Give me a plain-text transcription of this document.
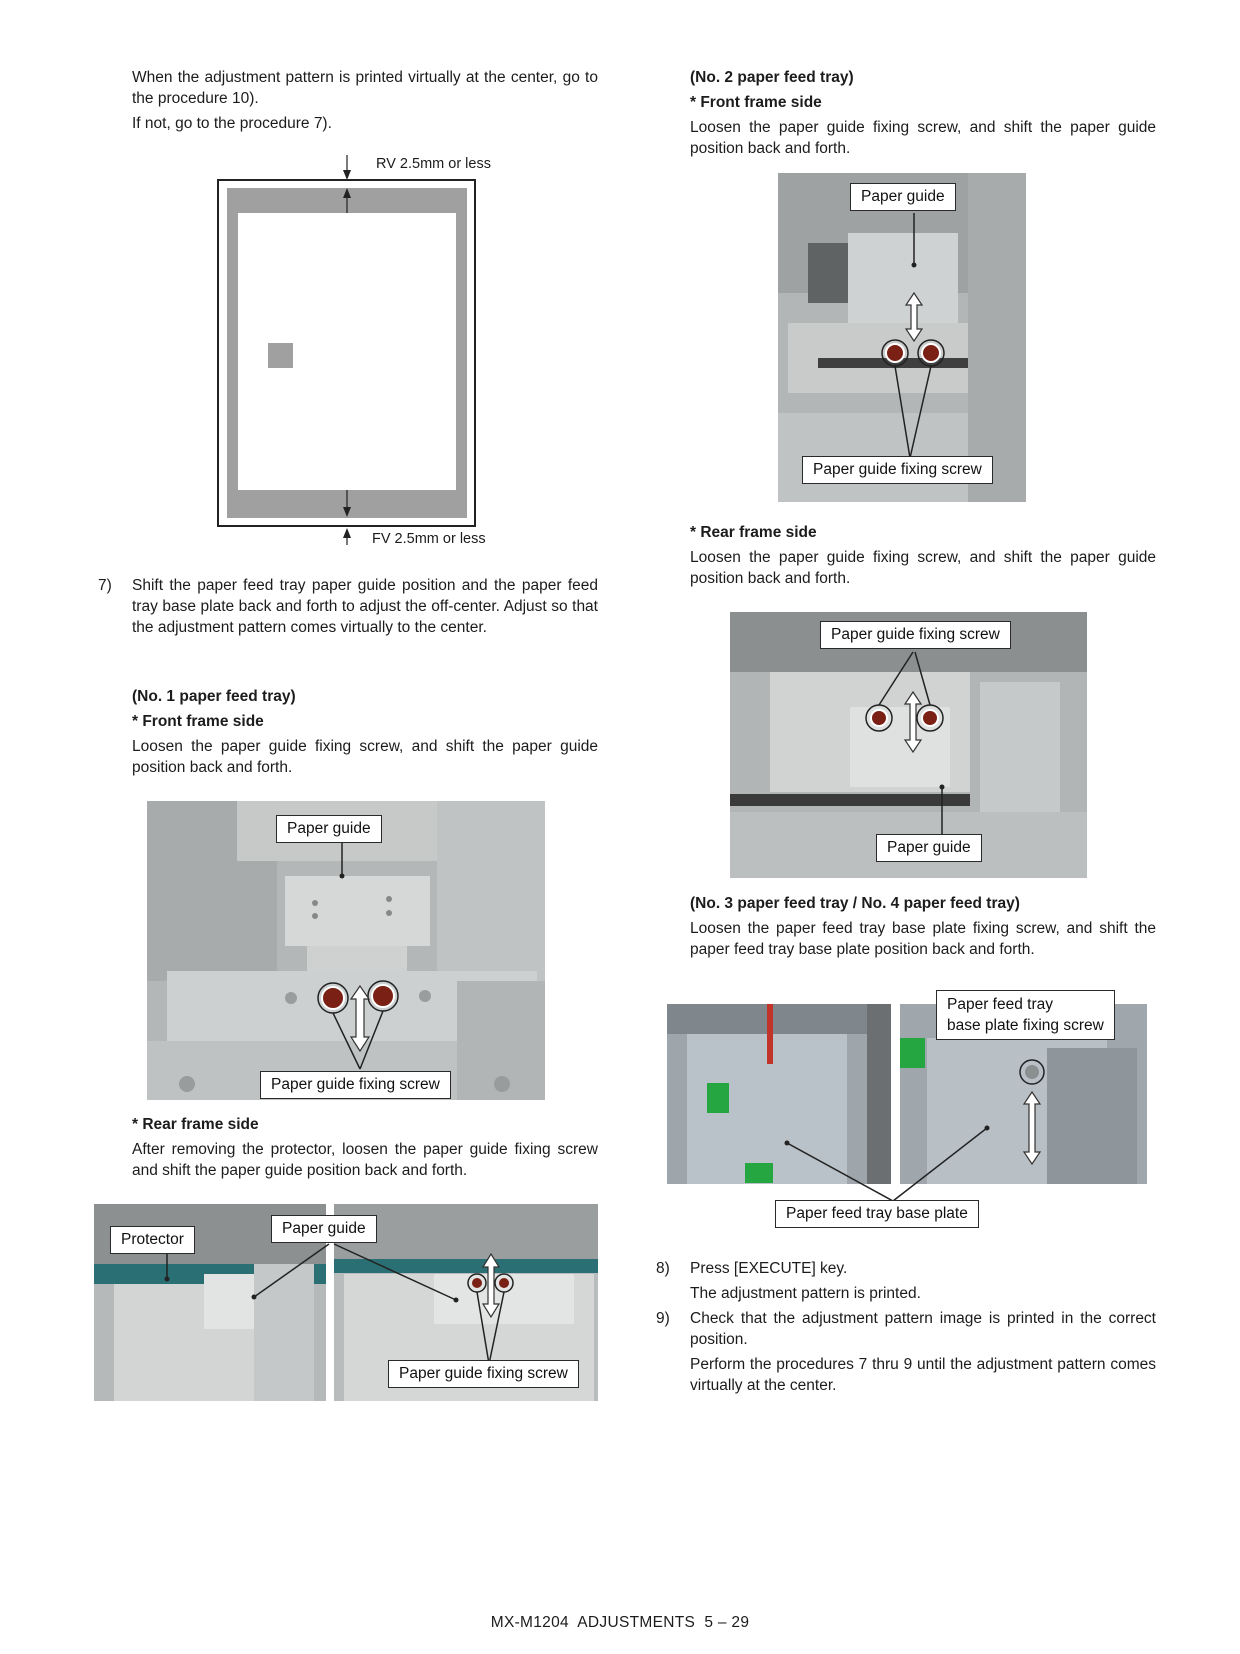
When the adjustment pattern is printed virtually at the center, go to the procedure 10).

If not, go to the procedure 7).

RV 2.5mm or less
FV 2.5mm or less
7) Shift the paper feed tray paper guide position and the paper feed tray base plate back and forth to adjust the off-center. Adjust so that the adjustment pattern comes virtually to the center.

(No. 1 paper feed tray)

* Front frame side

Loosen the paper guide fixing screw, and shift the paper guide position back and forth.

Paper guide
Paper guide fixing screw

* Rear frame side

After removing the protector, loosen the paper guide fixing screw and shift the paper guide position back and forth.

Protector
Paper guide
Paper guide fixing screw

(No. 2 paper feed tray)

* Front frame side

Loosen the paper guide fixing screw, and shift the paper guide position back and forth.

Paper guide
Paper guide fixing screw

* Rear frame side

Loosen the paper guide fixing screw, and shift the paper guide position back and forth.

Paper guide fixing screw
Paper guide

(No. 3 paper feed tray / No. 4 paper feed tray)

Loosen the paper feed tray base plate fixing screw, and shift the paper feed tray base plate position back and forth.

Paper feed tray
base plate fixing screw
Paper feed tray base plate
8) Press [EXECUTE] key.

The adjustment pattern is printed.

9) Check that the adjustment pattern image is printed in the correct position.

Perform the procedures 7 thru 9 until the adjustment pattern comes virtually at the center.

MX-M1204  ADJUSTMENTS  5 – 29
